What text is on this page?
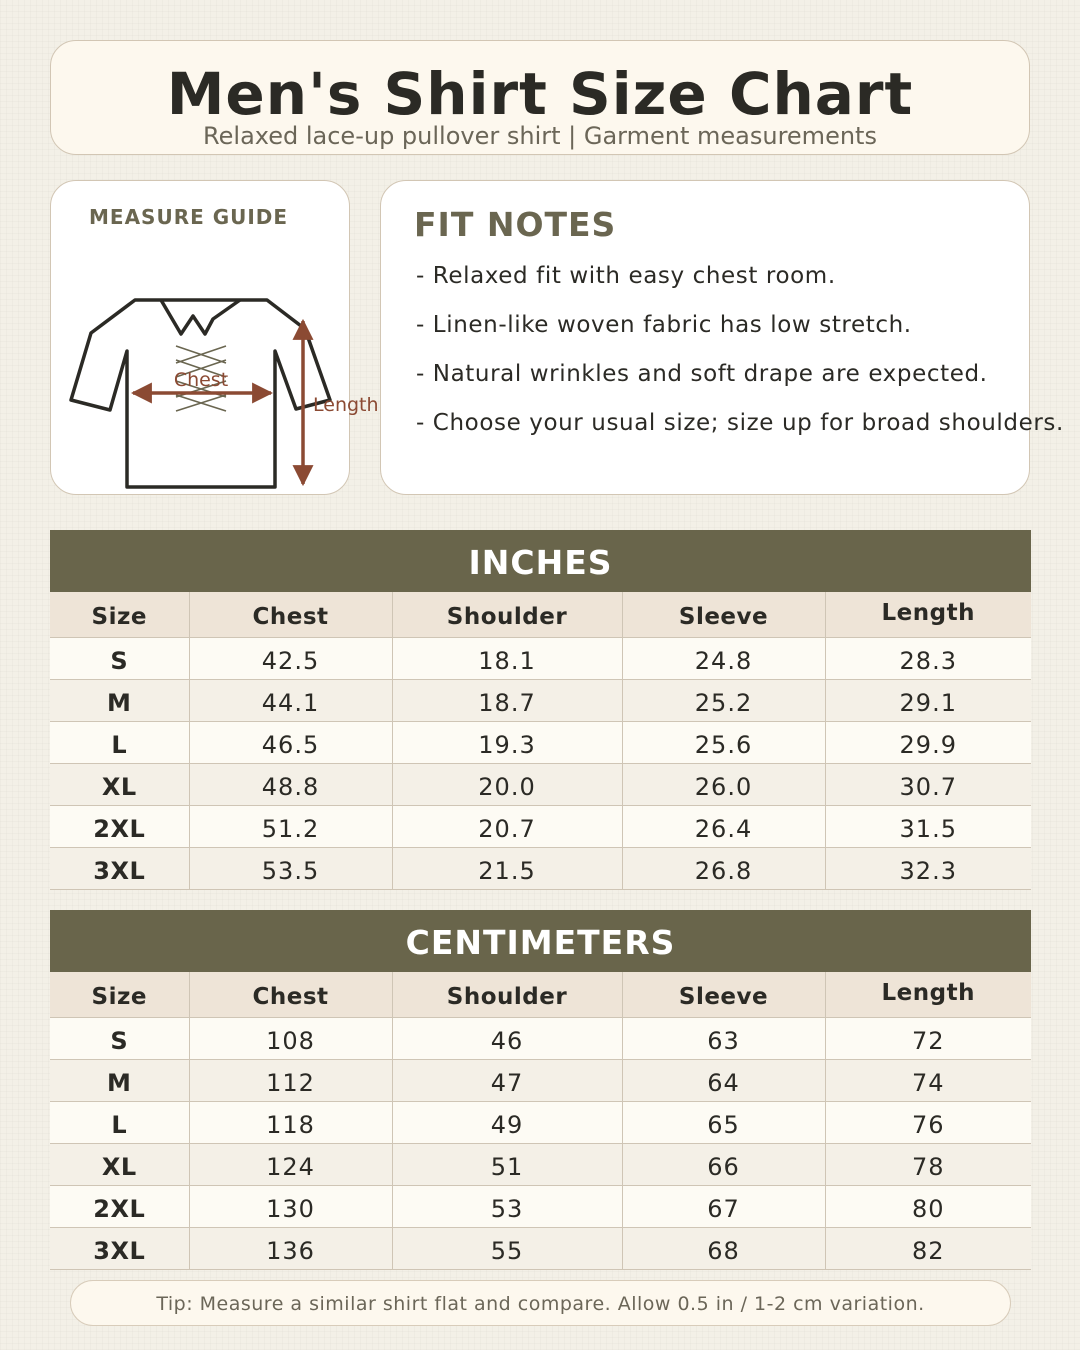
Men's Shirt Size Chart
Relaxed lace-up pullover shirt | Garment measurements
MEASURE GUIDE
Chest
Length
FIT NOTES
- Relaxed fit with easy chest room.
- Linen-like woven fabric has low stretch.
- Natural wrinkles and soft drape are expected.
- Choose your usual size; size up for broad shoulders.
INCHES
Size	Chest	Shoulder	Sleeve	Length
S	42.5	18.1	24.8	28.3
M	44.1	18.7	25.2	29.1
L	46.5	19.3	25.6	29.9
XL	48.8	20.0	26.0	30.7
2XL	51.2	20.7	26.4	31.5
3XL	53.5	21.5	26.8	32.3
CENTIMETERS
Size	Chest	Shoulder	Sleeve	Length
S	108	46	63	72
M	112	47	64	74
L	118	49	65	76
XL	124	51	66	78
2XL	130	53	67	80
3XL	136	55	68	82
Tip: Measure a similar shirt flat and compare. Allow 0.5 in / 1-2 cm variation.
